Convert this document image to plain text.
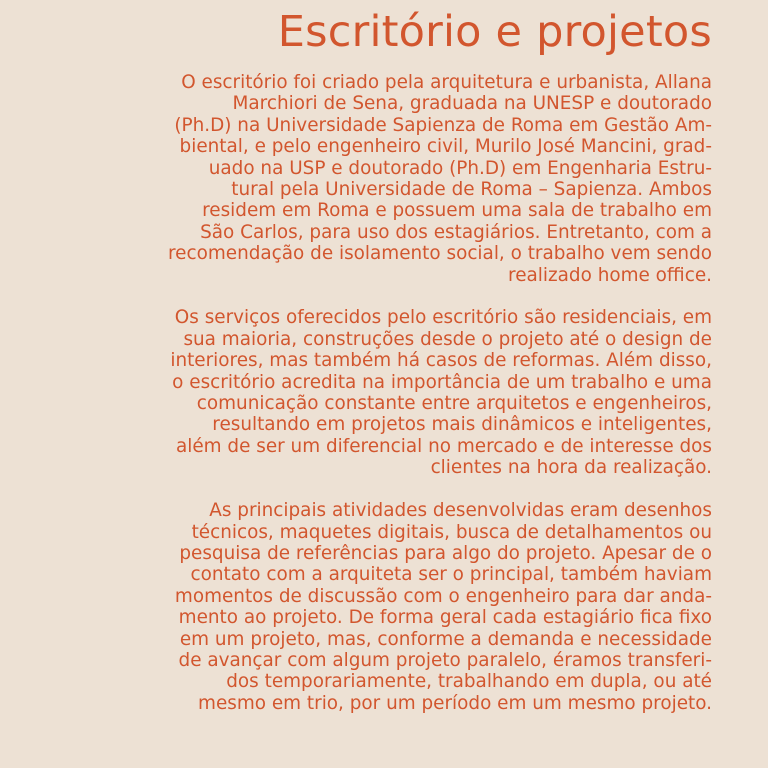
Escritório e projetos

O escritório foi criado pela arquitetura e urbanista, Allana
Marchiori de Sena, graduada na UNESP e doutorado
(Ph.D) na Universidade Sapienza de Roma em Gestão Am-
biental, e pelo engenheiro civil, Murilo José Mancini, grad-
uado na USP e doutorado (Ph.D) em Engenharia Estru-
tural pela Universidade de Roma – Sapienza. Ambos
residem em Roma e possuem uma sala de trabalho em
São Carlos, para uso dos estagiários. Entretanto, com a
recomendação de isolamento social, o trabalho vem sendo
realizado home office.

Os serviços oferecidos pelo escritório são residenciais, em
sua maioria, construções desde o projeto até o design de
interiores, mas também há casos de reformas. Além disso,
o escritório acredita na importância de um trabalho e uma
comunicação constante entre arquitetos e engenheiros,
resultando em projetos mais dinâmicos e inteligentes,
além de ser um diferencial no mercado e de interesse dos
clientes na hora da realização.

As principais atividades desenvolvidas eram desenhos
técnicos, maquetes digitais, busca de detalhamentos ou
pesquisa de referências para algo do projeto. Apesar de o
contato com a arquiteta ser o principal, também haviam
momentos de discussão com o engenheiro para dar anda-
mento ao projeto. De forma geral cada estagiário fica fixo
em um projeto, mas, conforme a demanda e necessidade
de avançar com algum projeto paralelo, éramos transferi-
dos temporariamente, trabalhando em dupla, ou até
mesmo em trio, por um período em um mesmo projeto.
